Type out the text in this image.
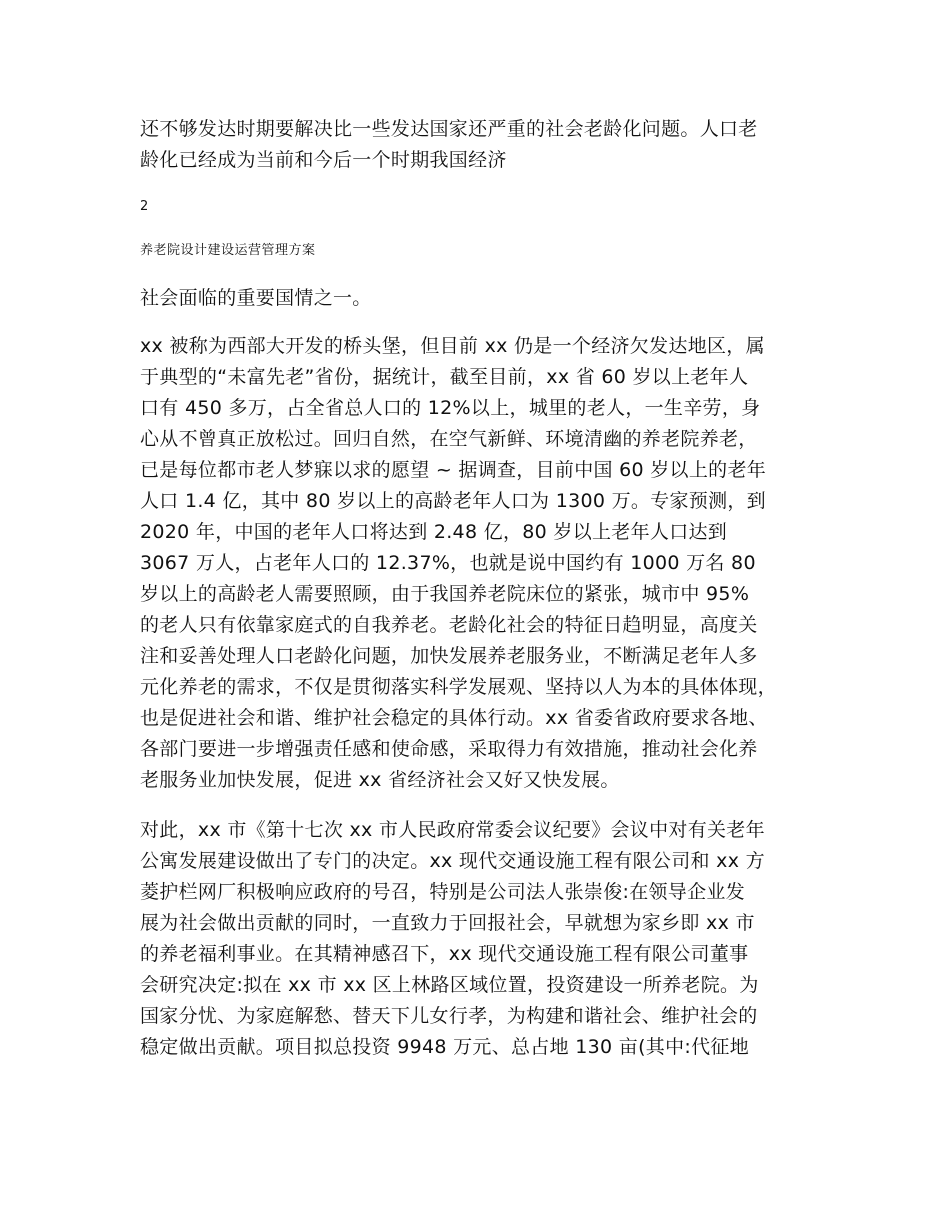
还不够发达时期要解决比一些发达国家还严重的社会老龄化问题。人口老
龄化已经成为当前和今后一个时期我国经济
2
养老院设计建设运营管理方案
社会面临的重要国情之一。
xx 被称为西部大开发的桥头堡，但目前 xx 仍是一个经济欠发达地区，属
于典型的“未富先老”省份，据统计，截至目前，xx 省 60 岁以上老年人
口有 450 多万，占全省总人口的 12%以上，城里的老人，一生辛劳，身
心从不曾真正放松过。回归自然，在空气新鲜、环境清幽的养老院养老，
已是每位都市老人梦寐以求的愿望 ~ 据调查，目前中国 60 岁以上的老年
人口 1.4 亿，其中 80 岁以上的高龄老年人口为 1300 万。专家预测，到
2020 年，中国的老年人口将达到 2.48 亿，80 岁以上老年人口达到
3067 万人，占老年人口的 12.37%，也就是说中国约有 1000 万名 80
岁以上的高龄老人需要照顾，由于我国养老院床位的紧张，城市中 95%
的老人只有依靠家庭式的自我养老。老龄化社会的特征日趋明显，高度关
注和妥善处理人口老龄化问题，加快发展养老服务业，不断满足老年人多
元化养老的需求，不仅是贯彻落实科学发展观、坚持以人为本的具体体现，
也是促进社会和谐、维护社会稳定的具体行动。xx 省委省政府要求各地、
各部门要进一步增强责任感和使命感，采取得力有效措施，推动社会化养
老服务业加快发展，促进 xx 省经济社会又好又快发展。
对此，xx 市《第十七次 xx 市人民政府常委会议纪要》会议中对有关老年
公寓发展建设做出了专门的决定。xx 现代交通设施工程有限公司和 xx 方
菱护栏网厂积极响应政府的号召，特别是公司法人张崇俊:在领导企业发
展为社会做出贡献的同时，一直致力于回报社会，早就想为家乡即 xx 市
的养老福利事业。在其精神感召下，xx 现代交通设施工程有限公司董事
会研究决定:拟在 xx 市 xx 区上林路区域位置，投资建设一所养老院。为
国家分忧、为家庭解愁、替天下儿女行孝，为构建和谐社会、维护社会的
稳定做出贡献。项目拟总投资 9948 万元、总占地 130 亩(其中:代征地
